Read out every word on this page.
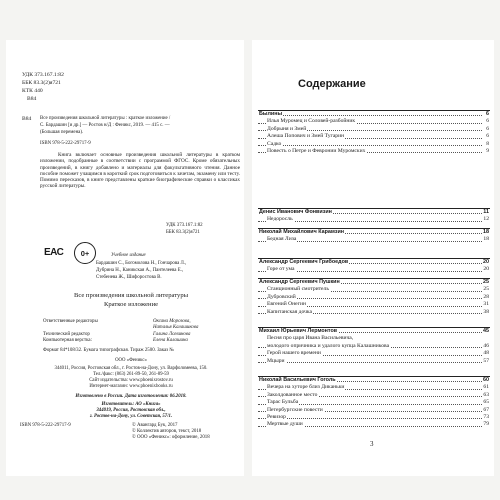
УДК 373.167.1:82
ББК 83.3(2)я721
КТК 440
В84
В84 Все произведения школьной литературы : краткое изложение /
С. Бардашин [и др.] — Ростов н/Д : Феникс, 2019. — 415 с. —
(Большая перемена).
ISBN 978-5-222-29717-9
Книга включает основные произведения школьной литературы в кратком изложении, подобранные в соответствии с программой ФГОС. Кроме обязательных произведений, в книгу добавлено и материалы для факультативного чтения. Данное пособие поможет учащимся в короткий срок подготовиться к зачетам, экзамену или тесту. Помимо пересказов, в книге представлены краткие биографические справки о классиках русской литературы.
УДК 373.167.1:82
ББК 83.3(2)я721
ЕАС	0+	Учебное издание
Бардашин С., Богомолова Н., Гончарова Л.,
Дубрина Н., Каникская А., Пантелеева Е.,
Стебенева Ж., Шифоростова В.
Все произведения школьной литературы
Краткое изложение
Ответственные редакторы	Оксана Морозова,
Наталья Калашикова
Технический редактор	Галина Логвинова
Компьютерная верстка:	Елена Калашина
Формат 84*108/32. Бумага типографская. Тираж 2500. Заказ №
ООО «Феникс»
344011, Россия, Ростовская обл., г. Ростов-на-Дону, ул. Варфоломеева, 150.
Тел./факс: (863) 261-89-50, 261-89-59
Сайт издательства: www.phoenixrostov.ru
Интернет-магазин: www.phoenixbooks.ru
Изготовлено в России. Дата изготовления: 06.2018.
Изготовитель: АО «Книга»
344019, Россия, Ростовская обл.,
г. Ростов-на-Дону, ул. Советская, 57/1.
ISBN 978-5-222-29717-9	© Авангард Бук, 2017
© Коллектив авторов, текст, 2018
© ООО «Феникс»: оформление, 2018
Содержание
Былины	6
Илья Муромец и Соловей-разбойник	6
Добрыня и Змей	6
Алеша Попович и Змей Тугарин	6
Садко	8
Повесть о Петре и Февронии Муромских	9
Денис Иванович Фонвизин	11
Недоросль	12
Николай Михайлович Карамзин	18
Бедная Лиза	18
Александр Сергеевич Грибоедов	20
Горе от ума	20
Александр Сергеевич Пушкин	25
Станционный смотритель	25
Дубровский	28
Евгений Онегин	31
Капитанская дочка	38
Михаил Юрьевич Лермонтов	45
Песня про царя Ивана Васильевича,
молодого опричника и удалого купца Калашникова	46
Герой нашего времени	48
Мцыри	57
Николай Васильевич Гоголь	60
Вечера на хуторе близ Диканьки	61
Заколдованное место	63
Тарас Бульба	65
Петербургские повести	67
Ревизор	73
Мертвые души	79
3
